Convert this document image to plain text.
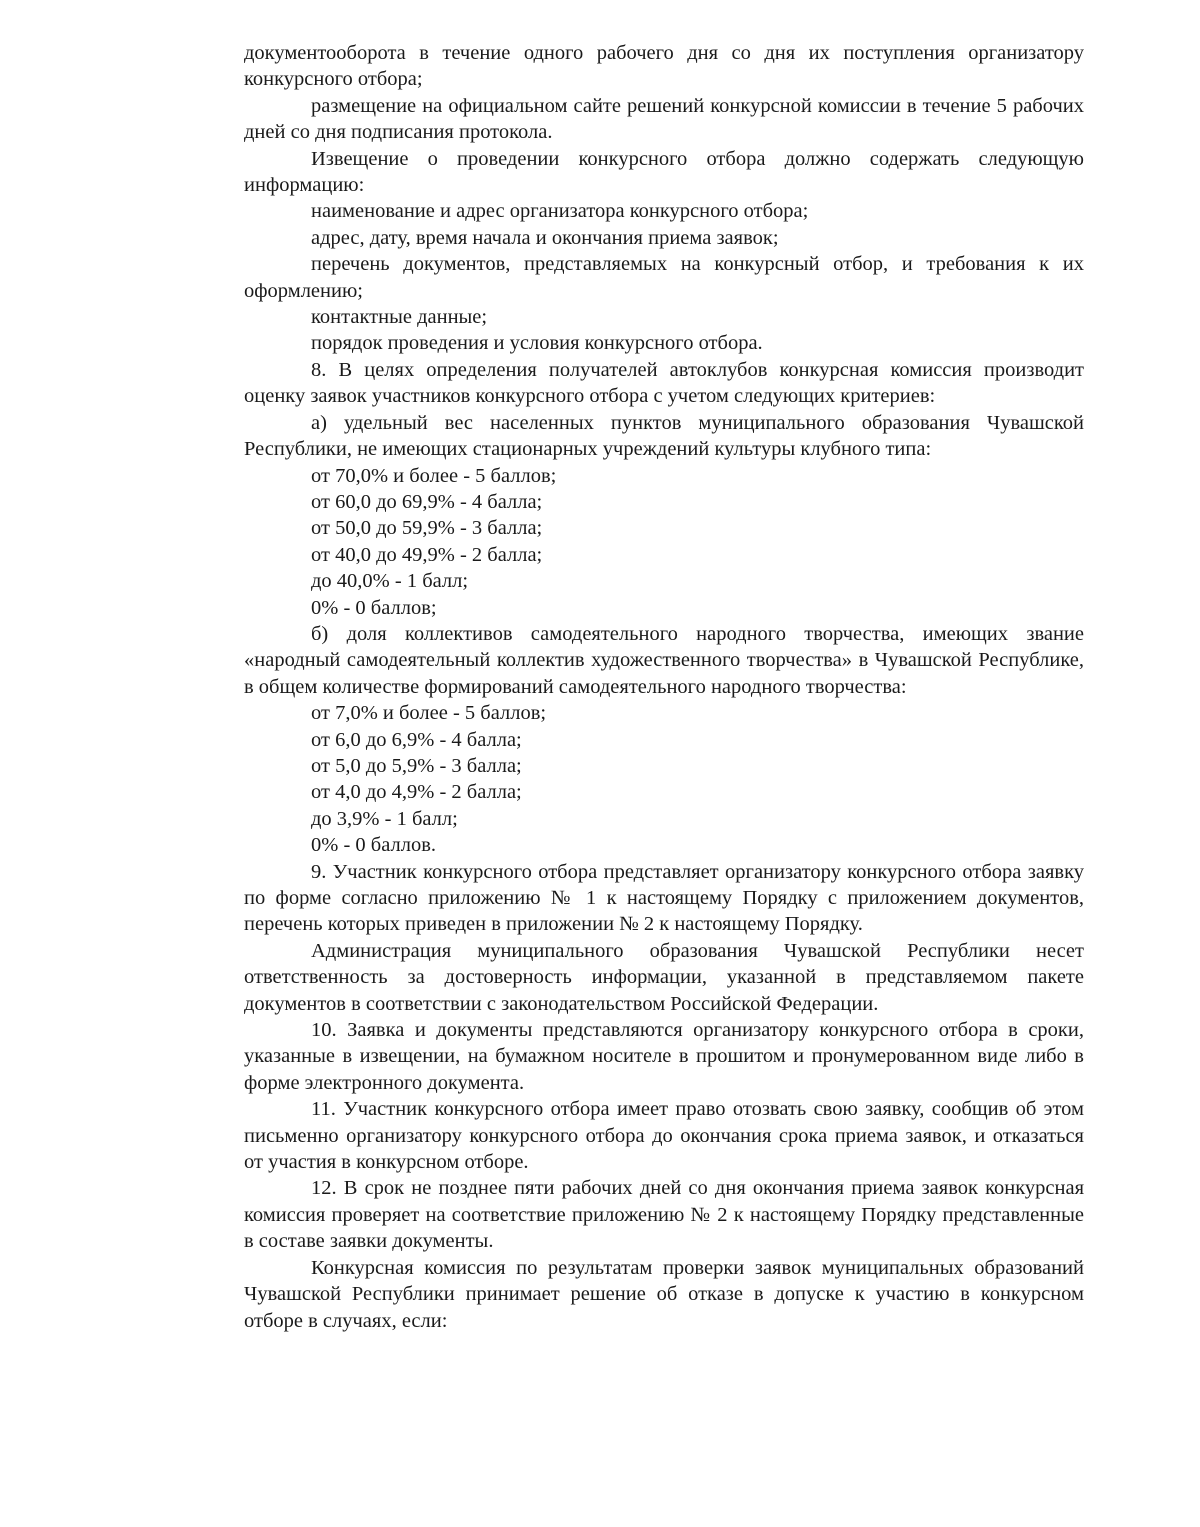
документооборота в течение одного рабочего дня со дня их поступления организатору конкурсного отбора;

размещение на официальном сайте решений конкурсной комиссии в течение 5 рабочих дней со дня подписания протокола.

Извещение о проведении конкурсного отбора должно содержать следующую информацию:

наименование и адрес организатора конкурсного отбора;

адрес, дату, время начала и окончания приема заявок;

перечень документов, представляемых на конкурсный отбор, и требования к их оформлению;

контактные данные;

порядок проведения и условия конкурсного отбора.

8. В целях определения получателей автоклубов конкурсная комиссия производит оценку заявок участников конкурсного отбора с учетом следующих критериев:

а) удельный вес населенных пунктов муниципального образования Чувашской Республики, не имеющих стационарных учреждений культуры клубного типа:

от 70,0% и более - 5 баллов;

от 60,0 до 69,9% - 4 балла;

от 50,0 до 59,9% - 3 балла;

от 40,0 до 49,9% - 2 балла;

до 40,0% - 1 балл;

0% - 0 баллов;

б) доля коллективов самодеятельного народного творчества, имеющих звание «народный самодеятельный коллектив художественного творчества» в Чувашской Республике, в общем количестве формирований самодеятельного народного творчества:

от 7,0% и более - 5 баллов;

от 6,0 до 6,9% - 4 балла;

от 5,0 до 5,9% - 3 балла;

от 4,0 до 4,9% - 2 балла;

до 3,9% - 1 балл;

0% - 0 баллов.

9. Участник конкурсного отбора представляет организатору конкурсного отбора заявку по форме согласно приложению № 1 к настоящему Порядку с приложением документов, перечень которых приведен в приложении № 2 к настоящему Порядку.

Администрация муниципального образования Чувашской Республики несет ответственность за достоверность информации, указанной в представляемом пакете документов в соответствии с законодательством Российской Федерации.

10. Заявка и документы представляются организатору конкурсного отбора в сроки, указанные в извещении, на бумажном носителе в прошитом и пронумерованном виде либо в форме электронного документа.

11. Участник конкурсного отбора имеет право отозвать свою заявку, сообщив об этом письменно организатору конкурсного отбора до окончания срока приема заявок, и отказаться от участия в конкурсном отборе.

12. В срок не позднее пяти рабочих дней со дня окончания приема заявок конкурсная комиссия проверяет на соответствие приложению № 2 к настоящему Порядку представленные в составе заявки документы.

Конкурсная комиссия по результатам проверки заявок муниципальных образований Чувашской Республики принимает решение об отказе в допуске к участию в конкурсном отборе в случаях, если:
